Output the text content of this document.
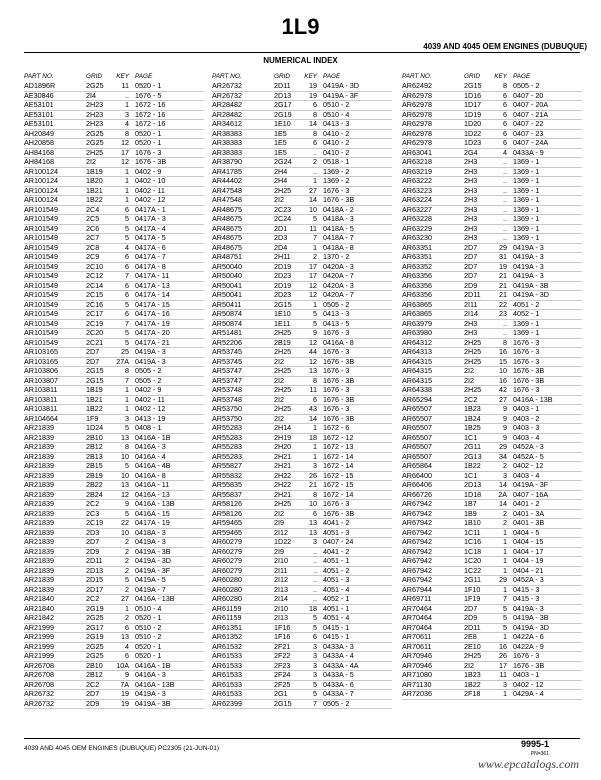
1L9
4039 AND 4045 OEM ENGINES (DUBUQUE)
NUMERICAL INDEX
PART NO.	GRID	KEY PAGE
AD1896R	2G25	11 0520 - 1
AE30846	2I4	.. 1676 - 5
AE53101	2H23	1 1672 - 16
AE53101	2H23	3 1672 - 16
AE53101	2H23	4 1672 - 16
AH20849	2G25	8 0520 - 1
AH20858	2G25	12 0520 - 1
AH84168	2H25	17 1676 - 3
AH84168	2I2	12 1676 - 3B
AR100124	1B19	1 0402 - 9
AR100124	1B20	1 0402 - 10
AR100124	1B21	1 0402 - 11
AR100124	1B22	1 0402 - 12
AR101549	2C4	6 0417A - 1
AR101549	2C5	5 0417A - 3
AR101549	2C6	5 0417A - 4
AR101549	2C7	5 0417A - 5
AR101549	2C8	4 0417A - 6
AR101549	2C9	6 0417A - 7
AR101549	2C10	6 0417A - 8
AR101549	2C12	7 0417A - 11
AR101549	2C14	6 0417A - 13
AR101549	2C15	6 0417A - 14
AR101549	2C16	5 0417A - 15
AR101549	2C17	6 0417A - 16
AR101549	2C19	7 0417A - 19
AR101549	2C20	5 0417A - 20
AR101549	2C21	5 0417A - 21
AR103165	2D7	25 0419A - 3
AR103165	2D7	27A 0419A - 3
AR103806	2G15	8 0505 - 2
AR103807	2G15	7 0505 - 2
AR103811	1B19	1 0402 - 9
AR103811	1B21	1 0402 - 11
AR103811	1B22	1 0402 - 12
AR104664	1F9	3 0413 - 19
AR21839	1D24	5 0408 - 1
AR21839	2B10	13 0416A - 1B
AR21839	2B12	8 0416A - 3
AR21839	2B13	10 0416A - 4
AR21839	2B15	5 0416A - 4B
AR21839	2B19	10 0416A - 8
AR21839	2B22	13 0416A - 11
AR21839	2B24	12 0416A - 13
AR21839	2C2	9 0416A - 13B
AR21839	2C3	5 0416A - 15
AR21839	2C19	22 0417A - 19
AR21839	2D3	10 0418A - 3
AR21839	2D7	2 0419A - 3
AR21839	2D9	2 0419A - 3B
AR21839	2D11	2 0419A - 3D
AR21839	2D13	2 0419A - 3F
AR21839	2D15	5 0419A - 5
AR21839	2D17	2 0419A - 7
AR21840	2C2	27 0416A - 13B
AR21840	2G19	1 0510 - 4
AR21842	2G25	2 0520 - 1
AR21999	2G17	6 0510 - 2
AR21999	2G19	13 0510 - 2
AR21999	2G25	4 0520 - 1
AR21999	2G25	6 0520 - 1
AR26708	2B10	10A 0416A - 1B
AR26708	2B12	9 0416A - 3
AR26708	2C2	7A 0416A - 13B
AR26732	2D7	19 0419A - 3
AR26732	2D9	19 0419A - 3B
PART NO.	GRID	KEY PAGE
AR26732	2D11	19 0419A - 3D
AR26732	2D13	19 0419A - 3F
AR28482	2G17	6 0510 - 2
AR28482	2G19	8 0510 - 4
AR34612	1E10	14 0413 - 3
AR38383	1E5	8 0410 - 2
AR38383	1E5	6 0410 - 2
AR38383	1E5	.. 0410 - 2
AR38790	2G24	2 0518 - 1
AR41785	2H4	.. 1369 - 2
AR44402	2H4	1 1369 - 2
AR47548	2H25	27 1676 - 3
AR47548	2I2	14 1676 - 3B
AR48675	2C23	10 0418A - 2
AR48675	2C24	5 0418A - 3
AR48675	2D1	11 0418A - 5
AR48675	2D3	7 0418A - 7
AR48675	2D4	1 0418A - 8
AR48751	2H11	2 1370 - 2
AR50040	2D19	17 0420A - 3
AR50040	2D23	17 0420A - 7
AR50041	2D19	12 0420A - 3
AR50041	2D23	12 0420A - 7
AR50411	2G15	1 0505 - 2
AR50874	1E10	5 0413 - 3
AR50874	1E11	5 0413 - 5
AR51481	2H25	9 1676 - 3
AR52206	2B19	12 0416A - 8
AR53745	2H25	44 1676 - 3
AR53745	2I2	12 1676 - 3B
AR53747	2H25	13 1676 - 3
AR53747	2I2	8 1676 - 3B
AR53748	2H25	11 1676 - 3
AR53748	2I2	6 1676 - 3B
AR53750	2H25	43 1676 - 3
AR53750	2I2	14 1676 - 3B
AR55283	2H14	1 1672 - 6
AR55283	2H19	18 1672 - 12
AR55283	2H20	1 1672 - 13
AR55283	2H21	1 1672 - 14
AR55827	2H21	3 1672 - 14
AR55832	2H22	26 1672 - 15
AR55835	2H22	21 1672 - 15
AR55837	2H21	8 1672 - 14
AR58126	2H25	10 1676 - 3
AR58126	2I2	6 1676 - 3B
AR59465	2I9	13 4041 - 2
AR59465	2I12	13 4051 - 3
AR60279	1D22	3 0407 - 24
AR60279	2I9	.. 4041 - 2
AR60279	2I10	.. 4051 - 1
AR60279	2I11	.. 4051 - 2
AR60280	2I12	.. 4051 - 3
AR60280	2I13	.. 4051 - 4
AR60280	2I14	.. 4052 - 1
AR61159	2I10	18 4051 - 1
AR61159	2I13	5 4051 - 4
AR61351	1F16	5 0415 - 1
AR61352	1F16	6 0415 - 1
AR61532	2F21	3 0433A - 3
AR61533	2F22	3 0433A - 4
AR61533	2F23	3 0433A - 4A
AR61533	2F24	3 0433A - 5
AR61533	2F25	5 0433A - 6
AR61533	2G1	5 0433A - 7
AR62399	2G15	7 0505 - 2
PART NO.	GRID	KEY PAGE
AR62492	2G15	8 0505 - 2
AR62978	1D16	6 0407 - 20
AR62978	1D17	6 0407 - 20A
AR62978	1D19	6 0407 - 21A
AR62978	1D20	6 0407 - 22
AR62978	1D22	6 0407 - 23
AR62978	1D23	6 0407 - 24A
AR63041	2G4	4 0433A - 9
AR63218	2H3	.. 1369 - 1
AR63219	2H3	.. 1369 - 1
AR63222	2H3	.. 1369 - 1
AR63223	2H3	.. 1369 - 1
AR63224	2H3	.. 1369 - 1
AR63227	2H3	.. 1369 - 1
AR63228	2H3	.. 1369 - 1
AR63229	2H3	.. 1369 - 1
AR63230	2H3	.. 1369 - 1
AR63351	2D7	29 0419A - 3
AR63351	2D7	31 0419A - 3
AR63352	2D7	19 0419A - 3
AR63356	2D7	21 0419A - 3
AR63356	2D9	21 0419A - 3B
AR63356	2D11	21 0419A - 3D
AR63865	2I11	22 4051 - 2
AR63865	2I14	23 4052 - 1
AR63979	2H3	.. 1369 - 1
AR63980	2H3	.. 1369 - 1
AR64312	2H25	8 1676 - 3
AR64313	2H25	16 1676 - 3
AR64315	2H25	15 1676 - 3
AR64315	2I2	10 1676 - 3B
AR64315	2I2	16 1676 - 3B
AR64338	2H25	42 1676 - 3
AR65294	2C2	27 0416A - 13B
AR65507	1B23	9 0403 - 1
AR65507	1B24	9 0403 - 2
AR65507	1B25	9 0403 - 3
AR65507	1C1	9 0403 - 4
AR65507	2G11	29 0452A - 3
AR65507	2G13	34 0452A - 5
AR65864	1B22	2 0402 - 12
AR66400	1C1	3 0403 - 4
AR66406	2D13	14 0419A - 3F
AR66726	1D18	2A 0407 - 16A
AR67942	1B7	14 0401 - 2
AR67942	1B9	2 0401 - 3A
AR67942	1B10	2 0401 - 3B
AR67942	1C11	1 0404 - 5
AR67942	1C16	1 0404 - 15
AR67942	1C18	1 0404 - 17
AR67942	1C20	1 0404 - 19
AR67942	1C22	1 0404 - 21
AR67942	2G11	29 0452A - 3
AR67944	1F10	1 0415 - 3
AR69711	1F19	7 0415 - 3
AR70464	2D7	5 0419A - 3
AR70464	2D9	5 0419A - 3B
AR70464	2D11	5 0419A - 3D
AR70611	2E8	1 0422A - 6
AR70611	2E10	16 0422A - 9
AR70946	2H25	26 1676 - 3
AR70946	2I2	17 1676 - 3B
AR71080	1B23	11 0403 - 1
AR71130	1B22	3 0402 - 12
AR72036	2F18	1 0429A - 4
4039 AND 4045 OEM ENGINES (DUBUQUE) PC2305 (21-JUN-01)	9995-1
PN=361
www.epcatalogs.com
